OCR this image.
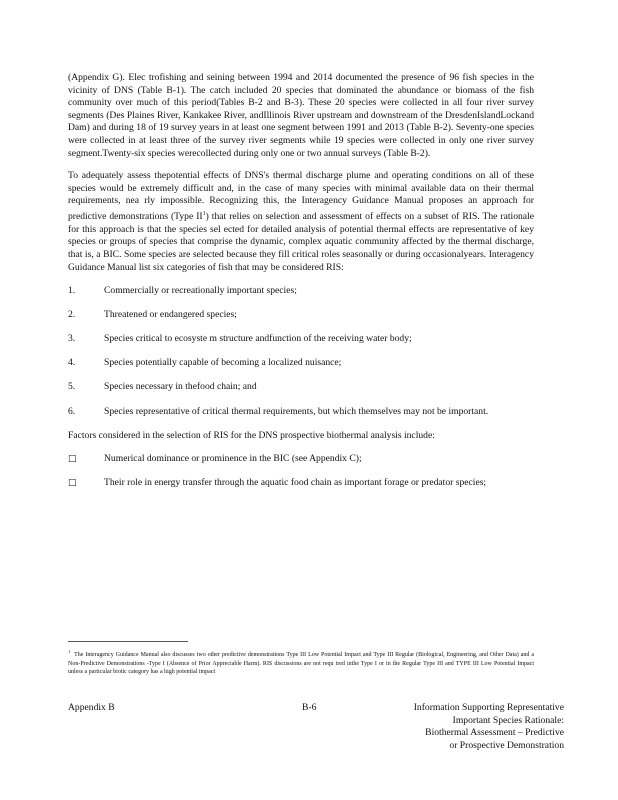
(Appendix G). Elec trofishing and seining between 1994 and 2014 documented the presence of 96 fish species in the vicinity of DNS (Table B-1). The catch included 20 species that dominated the abundance or biomass of the fish community over much of this period(Tables B-2 and B-3). These 20 species were collected in all four river survey segments (Des Plaines River, Kankakee River, andIllinois River upstream and downstream of the DresdenIslandLockand Dam) and during 18 of 19 survey years in at least one segment between 1991 and 2013 (Table B-2). Seventy-one species were collected in at least three of the survey river segments while 19 species were collected in only one river survey segment.Twenty-six species werecollected during only one or two annual surveys (Table B-2).

To adequately assess thepotential effects of DNS's thermal discharge plume and operating conditions on all of these species would be extremely difficult and, in the case of many species with minimal available data on their thermal requirements, nea rly impossible. Recognizing this, the Interagency Guidance Manual proposes an approach for predictive demonstrations (Type $II^1$) that relies on selection and assessment of effects on a subset of RIS. The rationale for this approach is that the species sel ected for detailed analysis of potential thermal effects are representative of key species or groups of species that comprise the dynamic, complex aquatic community affected by the thermal discharge, that is, a BIC. Some species are selected because they fill critical roles seasonally or during occasionalyears. Interagency Guidance Manual list six categories of fish that may be considered RIS:

1.	Commercially or recreationally important species;
2.	Threatened or endangered species;
3.	Species critical to ecosyste m structure andfunction of the receiving water body;
4.	Species potentially capable of becoming a localized nuisance;
5.	Species necessary in thefood chain; and
6.	Species representative of critical thermal requirements, but which themselves may not be important.

Factors considered in the selection of RIS for the DNS prospective biothermal analysis include:

□	Numerical dominance or prominence in the BIC (see Appendix C);
□	Their role in energy transfer through the aquatic food chain as important forage or predator species;
$^1$  The Interagency Guidance Manual also discusses two other predictive demonstrations Type III Low Potential Impact and Type III Regular (Biological, Engineering, and Other Data) and a Non-Predictive Demonstrations -Type I (Absence of Prior Appreciable Harm). RIS discussions are not requ ired inthe Type I or in the Regular Type III and TYPE III Low Potential Impact unless a particular biotic category has a high potential impact
Appendix B	B-6	Information Supporting Representative
Important Species Rationale:
Biothermal Assessment – Predictive
or Prospective Demonstration
